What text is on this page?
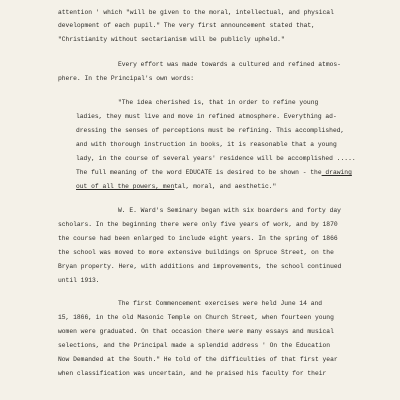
attention ' which "will be given to the moral, intellectual, and physical
development of each pupil." The very first announcement stated that,
"Christianity without sectarianism will be publicly upheld."
Every effort was made towards a cultured and refined atmos-
phere. In the Principal's own words:
"The idea cherished is, that in order to refine young
ladies, they must live and move in refined atmosphere. Everything ad-
dressing the senses of perceptions must be refining. This accomplished,
and with thorough instruction in books, it is reasonable that a young
lady, in the course of several years' residence will be accomplished .....
The full meaning of the word EDUCATE is desired to be shown - the drawing
out of all the powers, mental, moral, and aesthetic."
W. E. Ward's Seminary began with six boarders and forty day
scholars. In the beginning there were only five years of work, and by 1870
the course had been enlarged to include eight years. In the spring of 1866
the school was moved to more extensive buildings on Spruce Street, on the
Bryan property. Here, with additions and improvements, the school continued
until 1913.
The first Commencement exercises were held June 14 and
15, 1866, in the old Masonic Temple on Church Street, when fourteen young
women were graduated. On that occasion there were many essays and musical
selections, and the Principal made a splendid address ' On the Education
Now Demanded at the South." He told of the difficulties of that first year
when classification was uncertain, and he praised his faculty for their
